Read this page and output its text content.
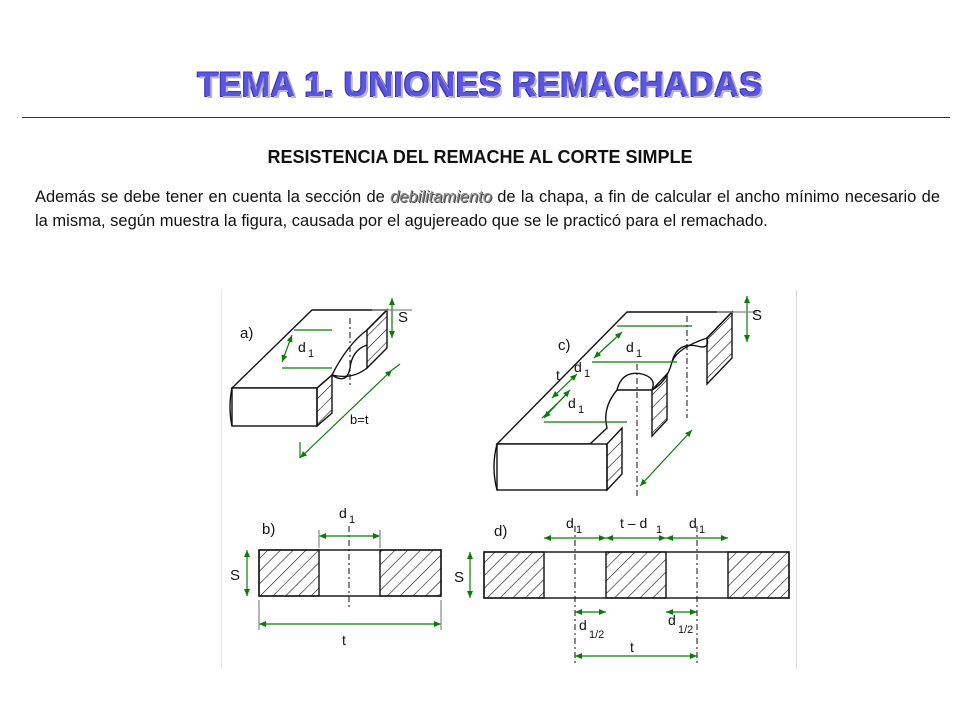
TEMA 1. UNIONES REMACHADAS
RESISTENCIA DEL REMACHE AL CORTE SIMPLE
Además se debe tener en cuenta la sección de debilitamiento de la chapa, a fin de calcular el ancho mínimo necesario de la misma, según muestra la figura, causada por el agujereado que se le practicó para el remachado.
a)
d 1
S
b=t
c)
t
d 1
d 1
d 1
S
b)
d 1
S
t
d)	d 1	t – d 1 d 1
S
d
1/2
d
1/2
t
